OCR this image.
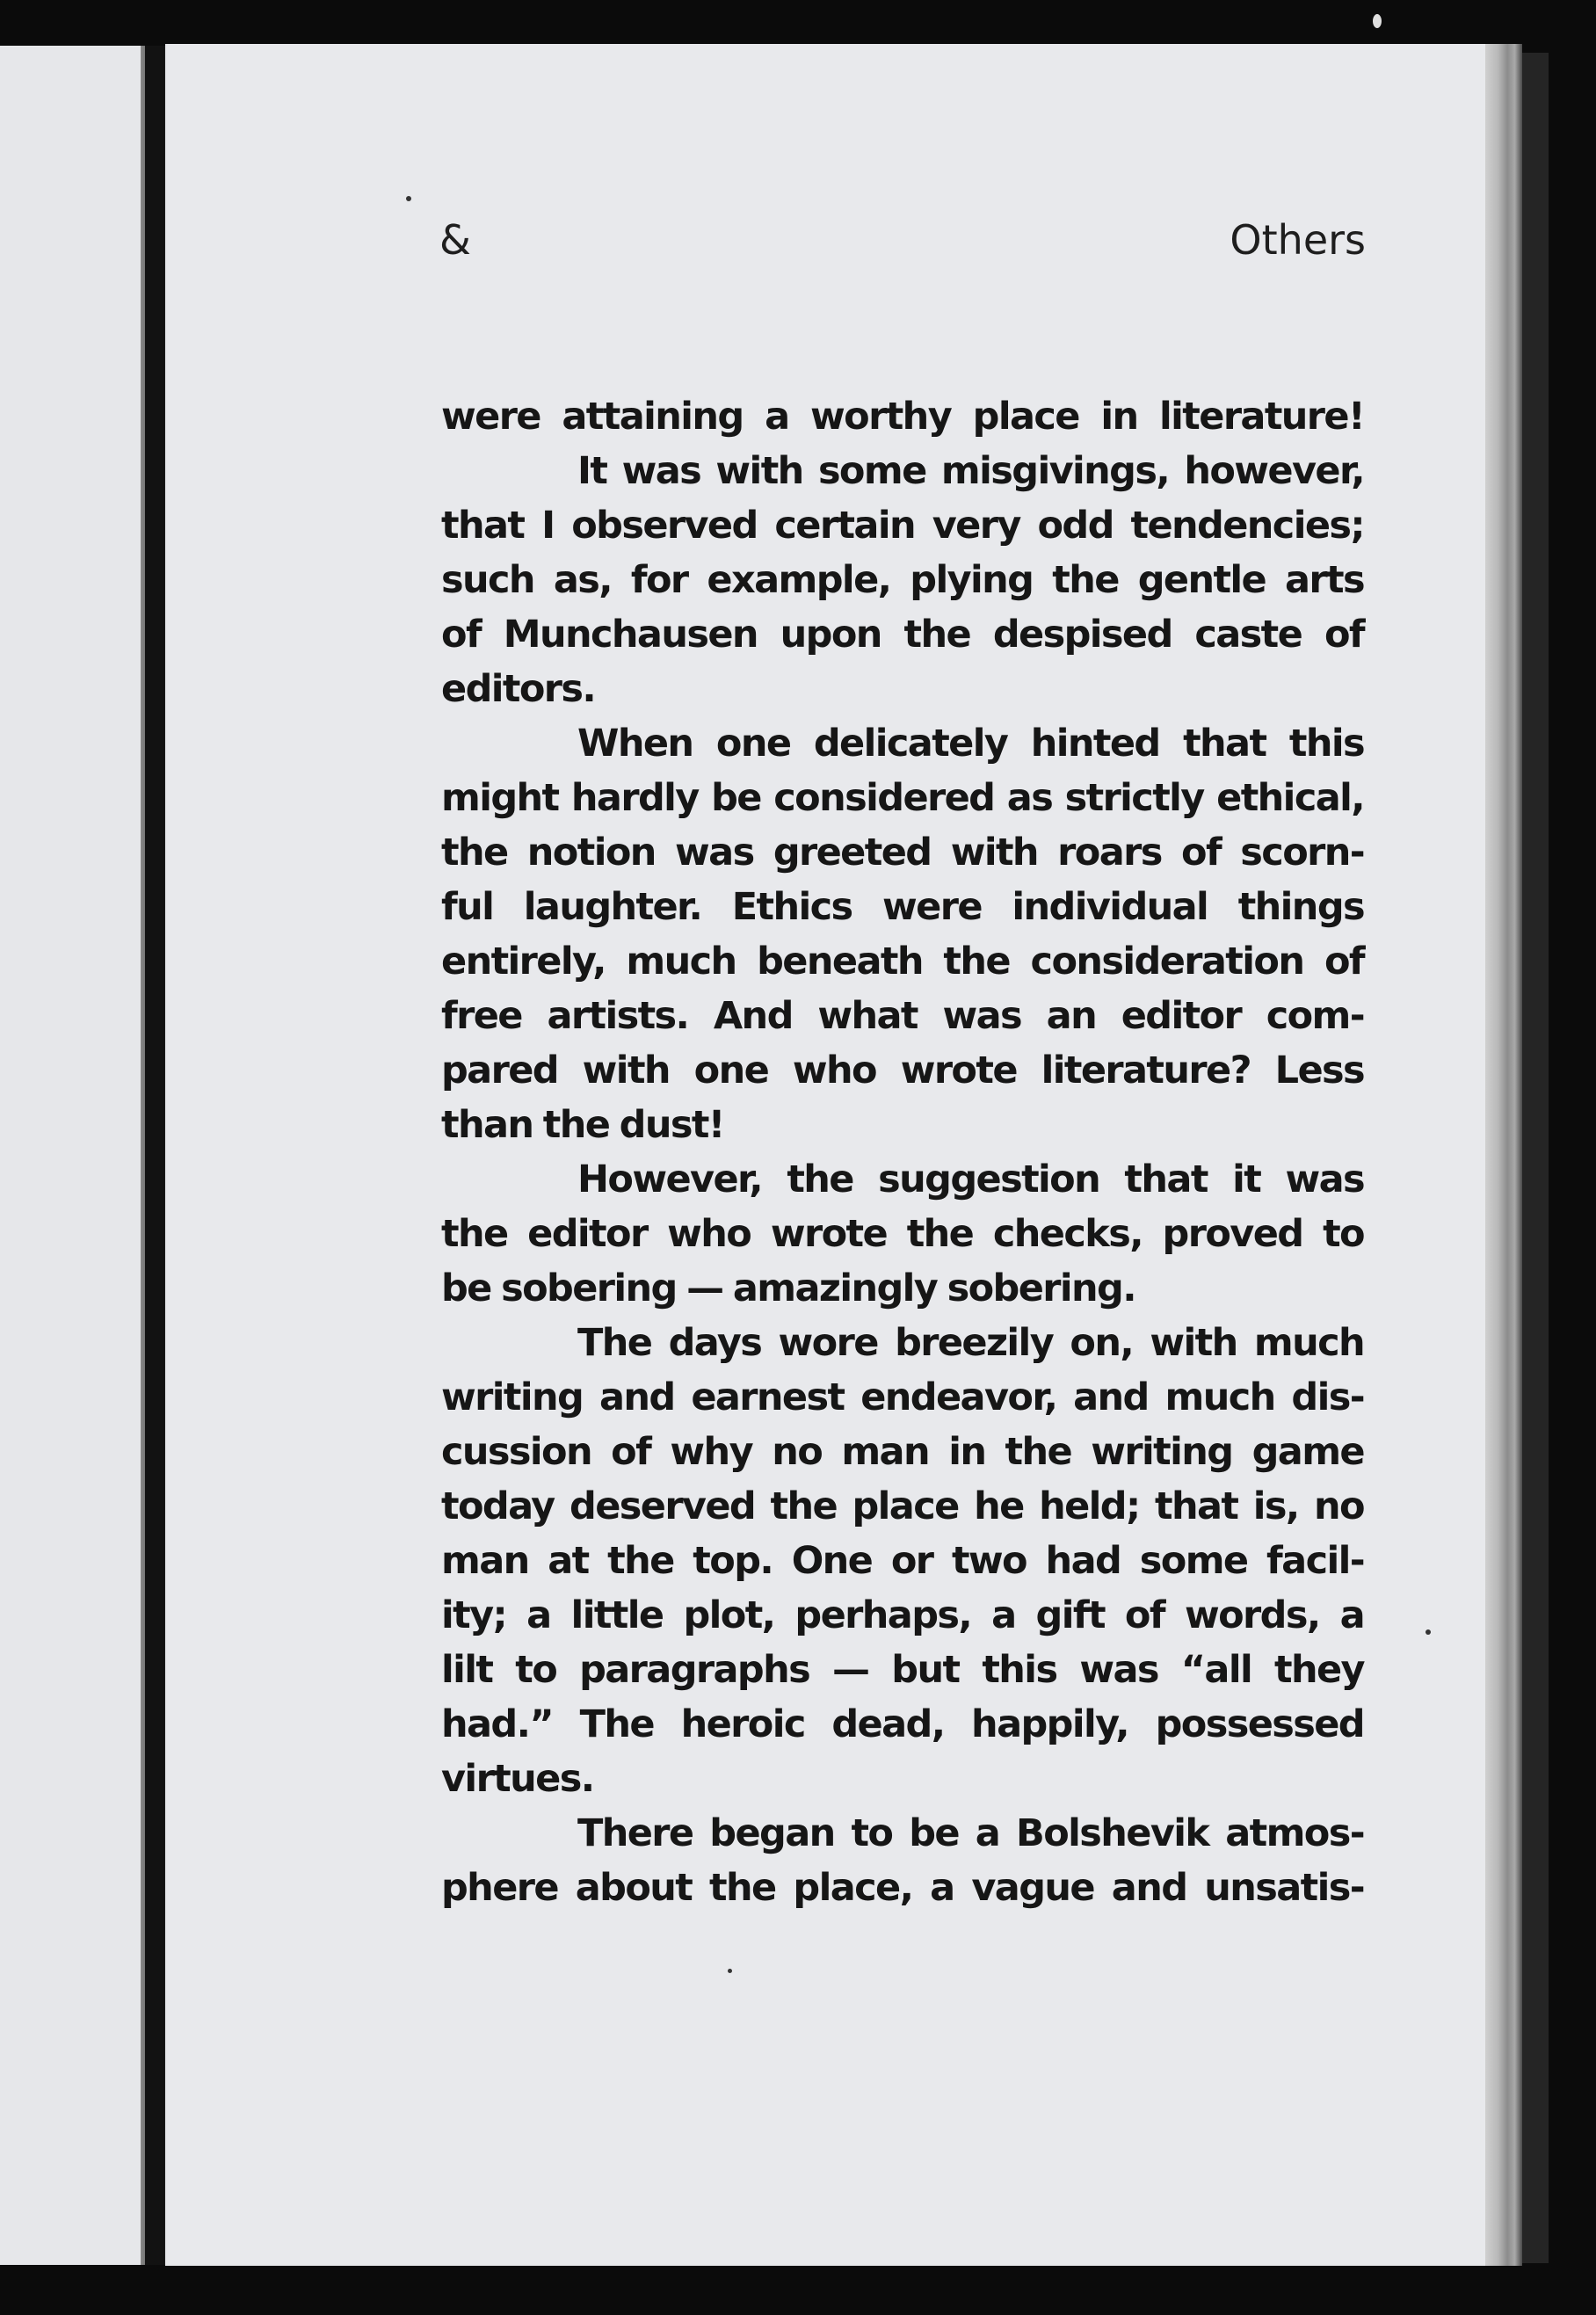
&	Others
were attaining a worthy place in literature!
It was with some misgivings, however,
that I observed certain very odd tendencies;
such as, for example, plying the gentle arts
of Munchausen upon the despised caste of
editors.
When one delicately hinted that this
might hardly be considered as strictly ethical,
the notion was greeted with roars of scorn-
ful laughter. Ethics were individual things
entirely, much beneath the consideration of
free artists. And what was an editor com-
pared with one who wrote literature? Less
than the dust!
However, the suggestion that it was
the editor who wrote the checks, proved to
be sobering — amazingly sobering.
The days wore breezily on, with much
writing and earnest endeavor, and much dis-
cussion of why no man in the writing game
today deserved the place he held; that is, no
man at the top. One or two had some facil-
ity; a little plot, perhaps, a gift of words, a
lilt to paragraphs — but this was “all they
had.” The heroic dead, happily, possessed
virtues.
There began to be a Bolshevik atmos-
phere about the place, a vague and unsatis-
